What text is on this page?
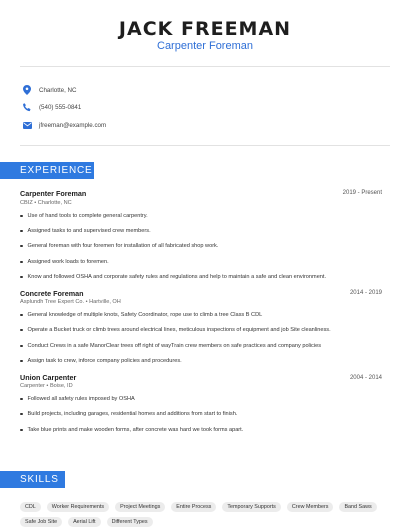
JACK FREEMAN
Carpenter Foreman
Charlotte, NC
(540) 555-0841
jfreeman@example.com
EXPERIENCE
Carpenter Foreman	2019 - Present
CBIZ • Charlotte, NC
Use of hand tools to complete general carpentry.
Assigned tasks to and supervised crew members.
General foreman with four foremen for installation of all fabricated shop work.
Assigned work loads to foremen.
Know and followed OSHA and corporate safety rules and regulations and help to maintain a safe and clean environment.
Concrete Foreman	2014 - 2019
Asplundh Tree Expert Co. • Hartville, OH
General knowledge of multiple knots, Safety Coordinator, rope use to climb a tree Class B CDL
Operate a Bucket truck or climb trees around electrical lines, meticulous inspections of equipment and job Site cleanliness.
Conduct Crews in a safe ManorClear trees off right of wayTrain crew members on safe practices and company policies
Assign task to crew, inforce company policies and procedures.
Union Carpenter	2004 - 2014
Carpenter • Boise, ID
Followed all safety rules imposed by OSHA
Build projects, including garages, residential homes and additions from start to finish.
Take blue prints and make wooden forms, after concrete was hard we took forms apart.
SKILLS
CDL	Worker Requirements	Project Meetings	Entire Process	Temporary Supports	Crew Members	Band Saws
Safe Job Site	Aerial Lift	Different Types
